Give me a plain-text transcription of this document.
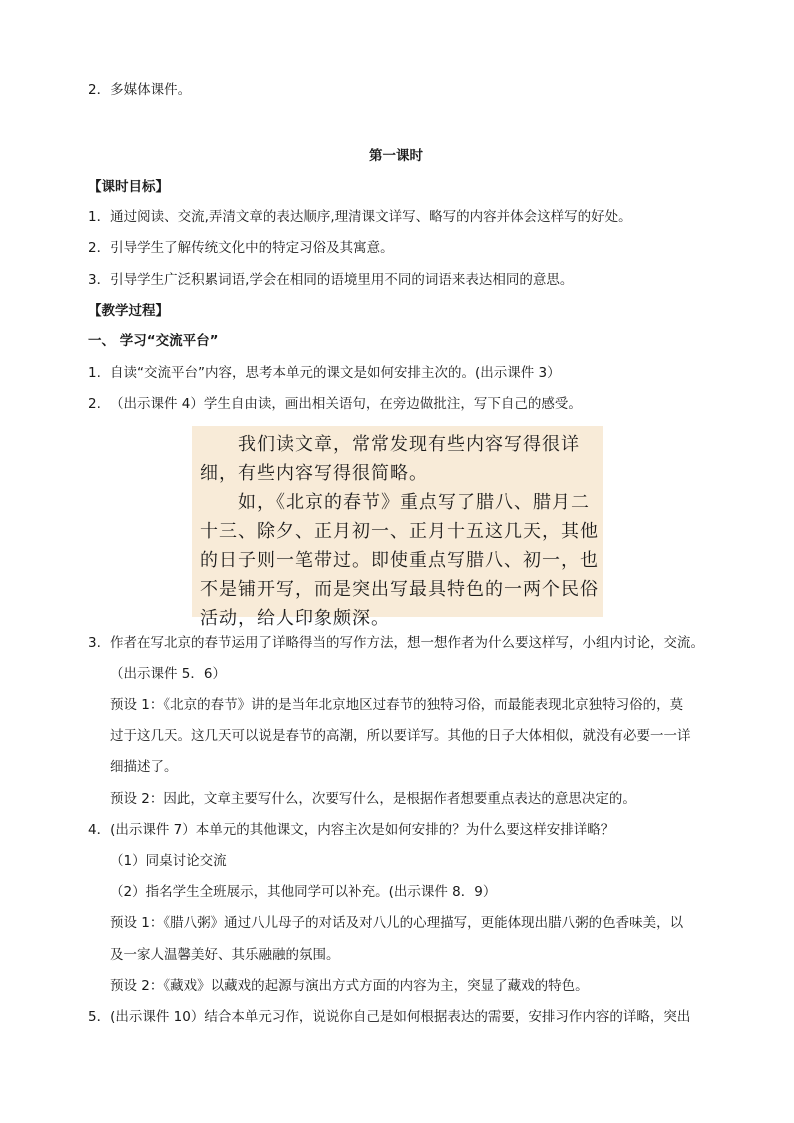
2．多媒体课件。
第一课时
【课时目标】
1．通过阅读、交流,弄清文章的表达顺序,理清课文详写、略写的内容并体会这样写的好处。
2．引导学生了解传统文化中的特定习俗及其寓意。
3．引导学生广泛积累词语,学会在相同的语境里用不同的词语来表达相同的意思。
【教学过程】
一、 学习“交流平台”
1. 自读“交流平台”内容，思考本单元的课文是如何安排主次的。(出示课件 3）
2. （出示课件 4）学生自由读，画出相关语句，在旁边做批注，写下自己的感受。
　　我们读文章，常常发现有些内容写得很详
细，有些内容写得很简略。
　　如，《北京的春节》重点写了腊八、腊月二
十三、除夕、正月初一、正月十五这几天，其他
的日子则一笔带过。即使重点写腊八、初一，也
不是铺开写，而是突出写最具特色的一两个民俗
活动，给人印象颇深。
3. 作者在写北京的春节运用了详略得当的写作方法，想一想作者为什么要这样写，小组内讨论，交流。
（出示课件 5．6）
预设 1：《北京的春节》讲的是当年北京地区过春节的独特习俗，而最能表现北京独特习俗的，莫
过于这几天。这几天可以说是春节的高潮，所以要详写。其他的日子大体相似，就没有必要一一详
细描述了。
预设 2：因此，文章主要写什么，次要写什么，是根据作者想要重点表达的意思决定的。
4．(出示课件 7）本单元的其他课文，内容主次是如何安排的？为什么要这样安排详略？
（1）同桌讨论交流
（2）指名学生全班展示，其他同学可以补充。(出示课件 8．9）
预设 1：《腊八粥》通过八儿母子的对话及对八儿的心理描写，更能体现出腊八粥的色香味美，以
及一家人温馨美好、其乐融融的氛围。
预设 2：《藏戏》以藏戏的起源与演出方式方面的内容为主，突显了藏戏的特色。
5．(出示课件 10）结合本单元习作，说说你自己是如何根据表达的需要，安排习作内容的详略，突出
